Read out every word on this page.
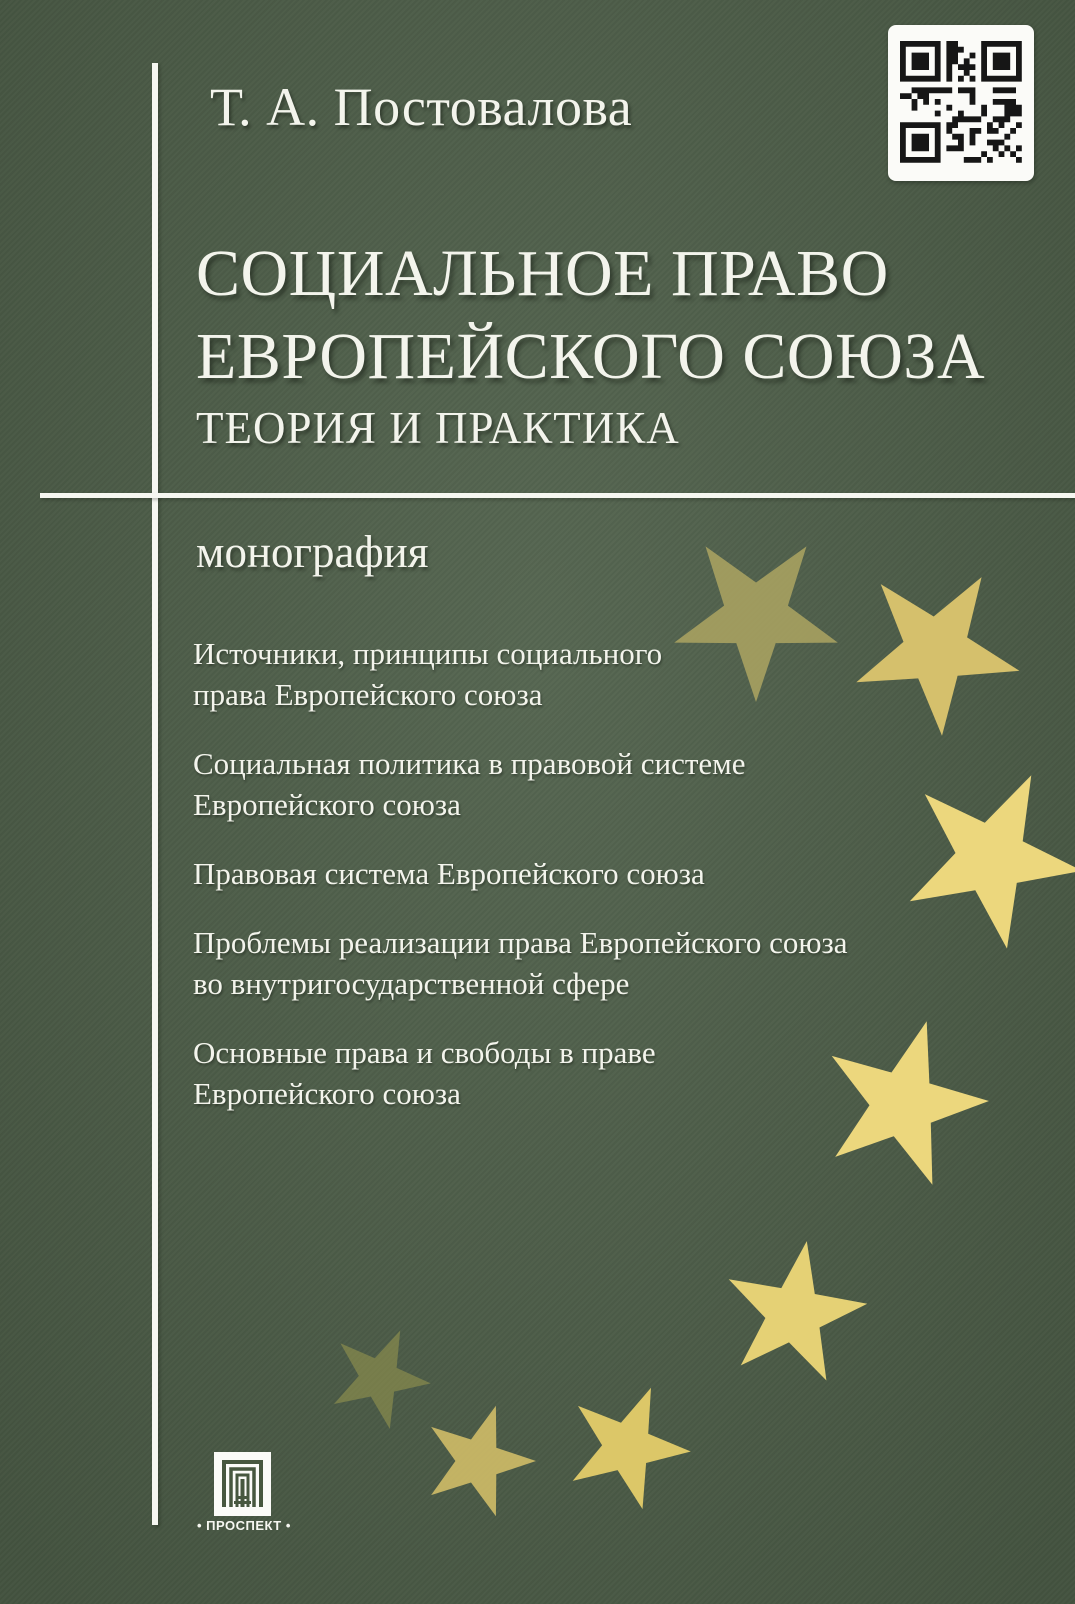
Т. А. Постовалова
СОЦИАЛЬНОЕ ПРАВО
ЕВРОПЕЙСКОГО СОЮЗА
ТЕОРИЯ И ПРАКТИКА
монография
Источники, принципы социального
права Европейского союза
Социальная политика в правовой системе
Европейского союза
Правовая система Европейского союза
Проблемы реализации права Европейского союза
во внутригосударственной сфере
Основные права и свободы в праве
Европейского союза
• ПРОСПЕКТ •
